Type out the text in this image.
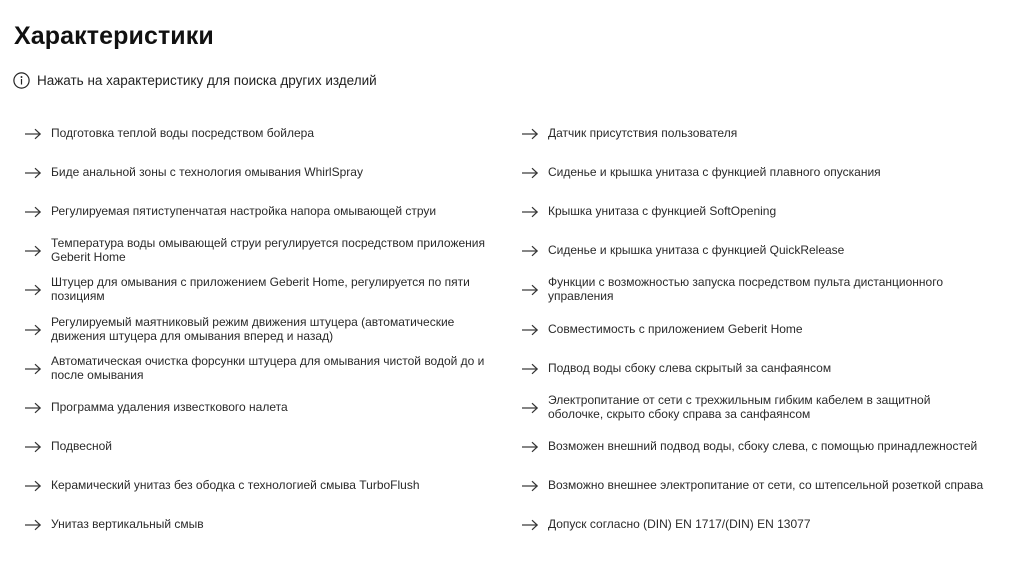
Характеристики
Нажать на характеристику для поиска других изделий
Подготовка теплой воды посредством бойлера
Биде анальной зоны с технология омывания WhirlSpray
Регулируемая пятиступенчатая настройка напора омывающей струи
Температура воды омывающей струи регулируется посредством приложения Geberit Home
Штуцер для омывания с приложением Geberit Home, регулируется по пяти позициям
Регулируемый маятниковый режим движения штуцера (автоматические движения штуцера для омывания вперед и назад)
Автоматическая очистка форсунки штуцера для омывания чистой водой до и после омывания
Программа удаления известкового налета
Подвесной
Керамический унитаз без ободка с технологией смыва TurboFlush
Унитаз вертикальный смыв
Датчик присутствия пользователя
Сиденье и крышка унитаза с функцией плавного опускания
Крышка унитаза с функцией SoftOpening
Сиденье и крышка унитаза с функцией QuickRelease
Функции с возможностью запуска посредством пульта дистанционного управления
Совместимость с приложением Geberit Home
Подвод воды сбоку слева скрытый за санфаянсом
Электропитание от сети с трехжильным гибким кабелем в защитной оболочке, скрыто сбоку справа за санфаянсом
Возможен внешний подвод воды, сбоку слева, с помощью принадлежностей
Возможно внешнее электропитание от сети, со штепсельной розеткой справа
Допуск согласно (DIN) EN 1717/(DIN) EN 13077
